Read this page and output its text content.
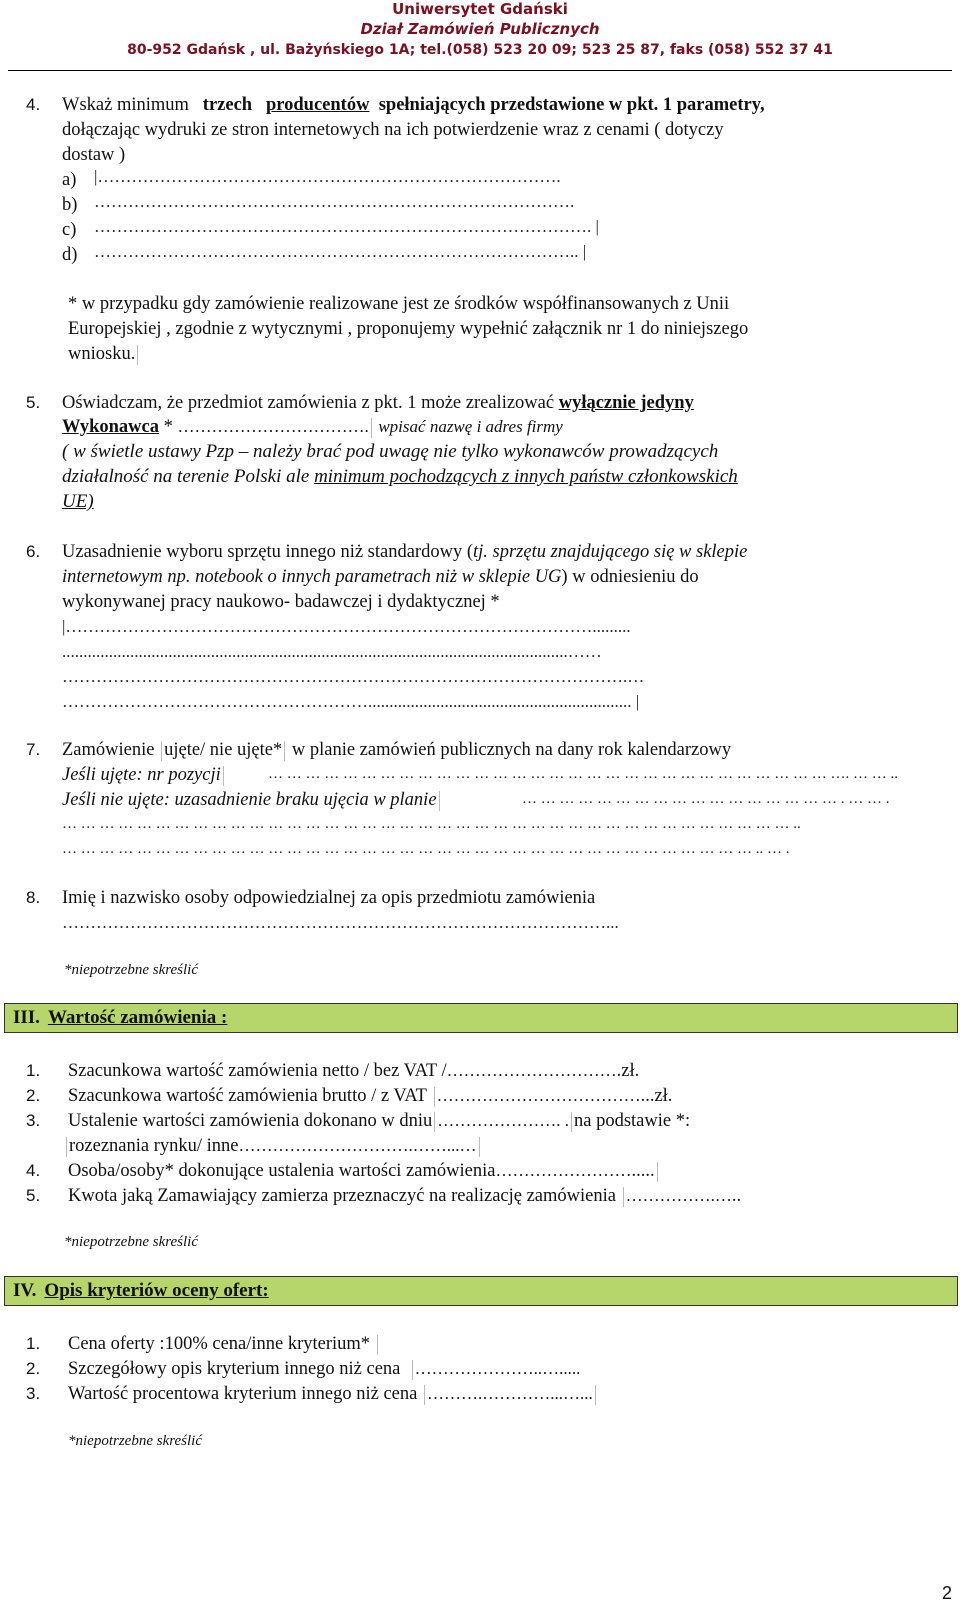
Uniwersytet Gdański
Dział Zamówień Publicznych
80-952 Gdańsk , ul. Bażyńskiego 1A; tel.(058) 523 20 09; 523 25 87, faks (058) 552 37 41
4. Wskaż minimum trzech producentów spełniających przedstawione w pkt. 1 parametry,
dołączając wydruki ze stron internetowych na ich potwierdzenie wraz z cenami ( dotyczy
dostaw )
a) |……………………………………………………………………….
b) ………………………………………………………………………….
c) ……………………………………………………………………………. |
d) ………………………………………………………………………….. |
* w przypadku gdy zamówienie realizowane jest ze środków współfinansowanych z Unii
Europejskiej , zgodnie z wytycznymi , proponujemy wypełnić załącznik nr 1 do niniejszego
wniosku.
5. Oświadczam, że przedmiot zamówienia z pkt. 1 może zrealizować wyłącznie jedyny
Wykonawca * ……………………………. wpisać nazwę i adres firmy
( w świetle ustawy Pzp – należy brać pod uwagę nie tylko wykonawców prowadzących
działalność na terenie Polski ale minimum pochodzących z innych państw członkowskich
UE)
6. Uzasadnienie wyboru sprzętu innego niż standardowy (tj. sprzętu znajdującego się w sklepie
internetowym np. notebook o innych parametrach niż w sklepie UG) w odniesieniu do
wykonywanej pracy naukowo- badawczej i dydaktycznej *
|………………………………………………………………………………….........
.......................................................................................................................……
……………………………………………………………………………………….…
……………………………………………….............................................................. |
7. Zamówienie ujęte/ nie ujęte* w planie zamówień publicznych na dany rok kalendarzowy
Jeśli ujęte: nr pozycji	… … … … … … … … … … … … … … … … … … … … … … … … … … … … … … …. … … ..
Jeśli nie ujęte: uzasadnienie braku ujęcia w planie	… … … … … … … … … … … … … … … … … . … … .
… … … … … … … … … … … … … … … … … … … … … … … … … … … … … … … … … … … … … … … ..
… … … … … … … … … … … … … … … … … … … … … … … … … … … … … … … … … … … … … .. … .
8. Imię i nazwisko osoby odpowiedzialnej za opis przedmiotu zamówienia
……………………………………………………………………………………...
*niepotrzebne skreślić
III. Wartość zamówienia :
1. Szacunkowa wartość zamówienia netto / bez VAT /………………………….zł.
2. Szacunkowa wartość zamówienia brutto / z VAT ………………………………...zł.
3. Ustalenie wartości zamówienia dokonano w dniu …………………. . na podstawie *:
rozeznania rynku/ inne………………………….……...…
4. Osoba/osoby* dokonujące ustalenia wartości zamówienia…………………….....
5. Kwota jaką Zamawiający zamierza przeznaczyć na realizację zamówienia …………….…..
*niepotrzebne skreślić
IV. Opis kryteriów oceny ofert:
1. Cena oferty :100% cena/inne kryterium*
2. Szczegółowy opis kryterium innego niż cena …………………..….....
3. Wartość procentowa kryterium innego niż cena ……….…………...…...
*niepotrzebne skreślić
2
